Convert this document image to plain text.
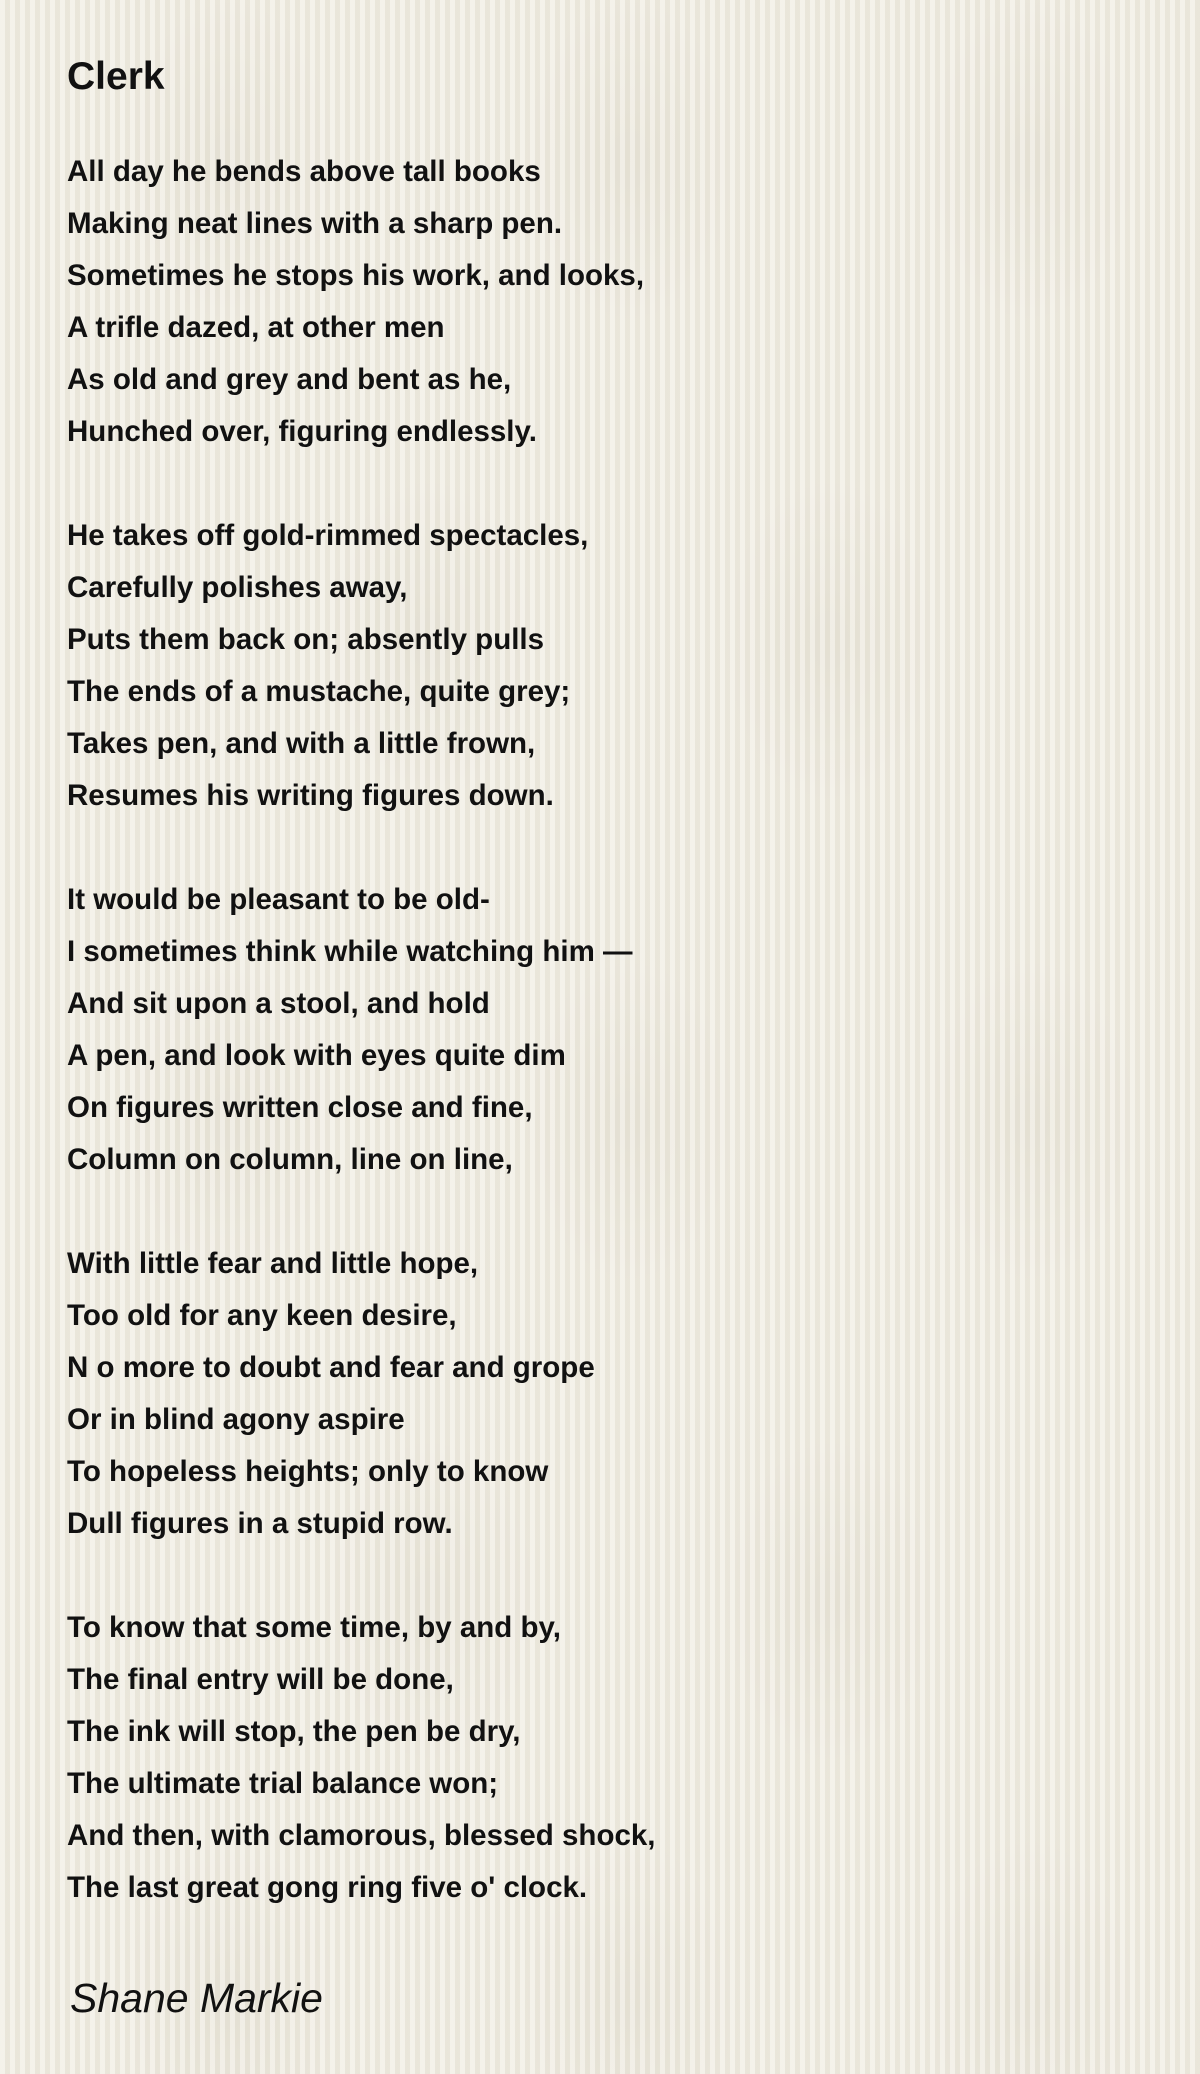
Clerk
All day he bends above tall books
Making neat lines with a sharp pen.
Sometimes he stops his work, and looks,
A trifle dazed, at other men
As old and grey and bent as he,
Hunched over, figuring endlessly.
He takes off gold-rimmed spectacles,
Carefully polishes away,
Puts them back on; absently pulls
The ends of a mustache, quite grey;
Takes pen, and with a little frown,
Resumes his writing figures down.
It would be pleasant to be old-
I sometimes think while watching him —
And sit upon a stool, and hold
A pen, and look with eyes quite dim
On figures written close and fine,
Column on column, line on line,
With little fear and little hope,
Too old for any keen desire,
N o more to doubt and fear and grope
Or in blind agony aspire
To hopeless heights; only to know
Dull figures in a stupid row.
To know that some time, by and by,
The final entry will be done,
The ink will stop, the pen be dry,
The ultimate trial balance won;
And then, with clamorous, blessed shock,
The last great gong ring five o' clock.
Shane Markie
